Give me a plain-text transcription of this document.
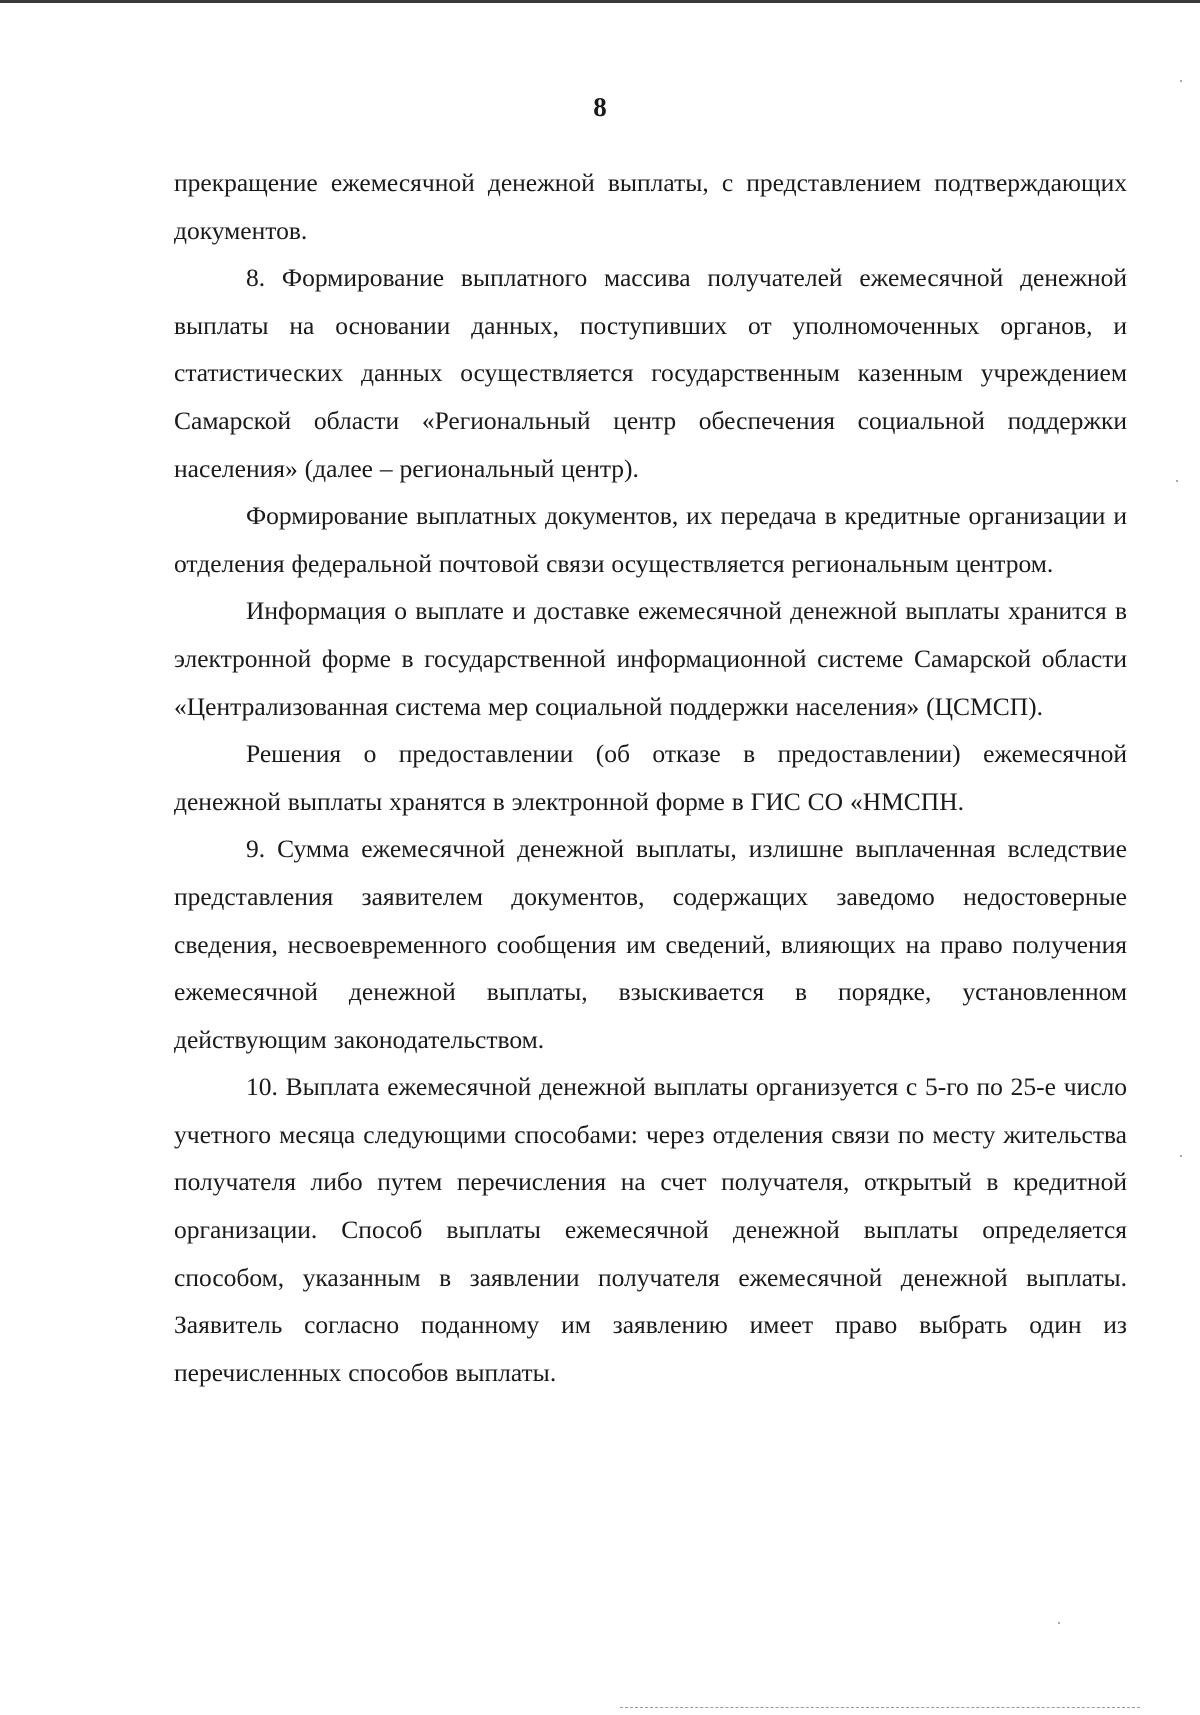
8

прекращение ежемесячной денежной выплаты, с представлением подтверждающих документов.

8. Формирование выплатного массива получателей ежемесячной денежной выплаты на основании данных, поступивших от уполномоченных органов, и статистических данных осуществляется государственным казенным учреждением Самарской области «Региональный центр обеспечения социальной поддержки населения» (далее – региональный центр).

Формирование выплатных документов, их передача в кредитные организации и отделения федеральной почтовой связи осуществляется региональным центром.

Информация о выплате и доставке ежемесячной денежной выплаты хранится в электронной форме в государственной информационной системе Самарской области «Централизованная система мер социальной поддержки населения» (ЦСМСП).

Решения о предоставлении (об отказе в предоставлении) ежемесячной денежной выплаты хранятся в электронной форме в ГИС СО «НМСПН.

9. Сумма ежемесячной денежной выплаты, излишне выплаченная вследствие представления заявителем документов, содержащих заведомо недостоверные сведения, несвоевременного сообщения им сведений, влияющих на право получения ежемесячной денежной выплаты, взыскивается в порядке, установленном действующим законодательством.

10. Выплата ежемесячной денежной выплаты организуется с 5-го по 25-е число учетного месяца следующими способами: через отделения связи по месту жительства получателя либо путем перечисления на счет получателя, открытый в кредитной организации. Способ выплаты ежемесячной денежной выплаты определяется способом, указанным в заявлении получателя ежемесячной денежной выплаты. Заявитель согласно поданному им заявлению имеет право выбрать один из перечисленных способов выплаты.
